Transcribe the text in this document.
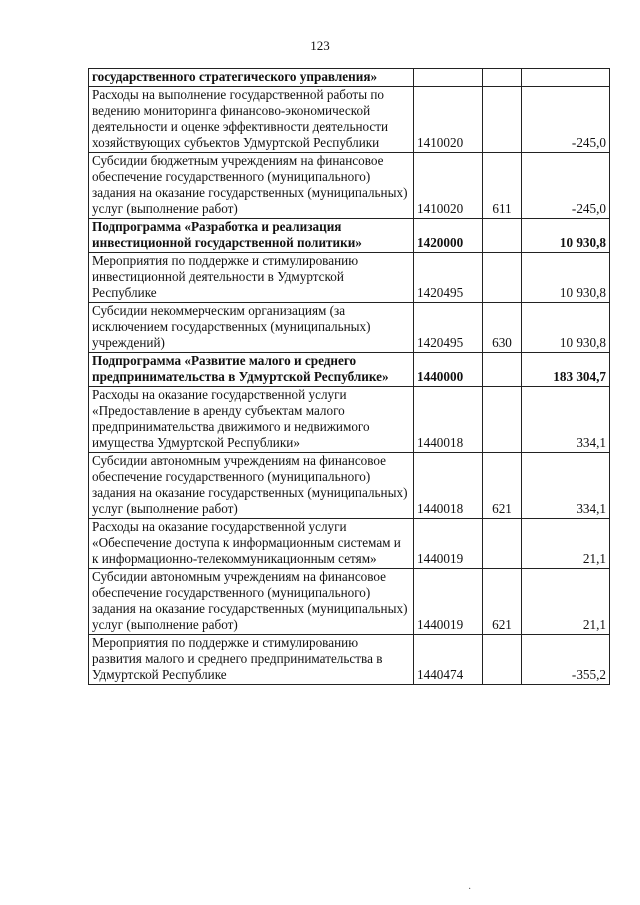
123
государственного стратегического управления»			
Расходы на выполнение государственной работы по ведению мониторинга финансово-экономической деятельности и оценке эффективности деятельности хозяйствующих субъектов Удмуртской Республики	1410020		-245,0
Субсидии бюджетным учреждениям на финансовое обеспечение государственного (муниципального) задания на оказание государственных (муниципальных) услуг (выполнение работ)	1410020	611	-245,0
Подпрограмма «Разработка и реализация инвестиционной государственной политики»	1420000		10 930,8
Мероприятия по поддержке и стимулированию инвестиционной деятельности в Удмуртской Республике	1420495		10 930,8
Субсидии некоммерческим организациям (за исключением государственных (муниципальных) учреждений)	1420495	630	10 930,8
Подпрограмма «Развитие малого и среднего предпринимательства в Удмуртской Республике»	1440000		183 304,7
Расходы на оказание государственной услуги «Предоставление в аренду субъектам малого предпринимательства движимого и недвижимого имущества Удмуртской Республики»	1440018		334,1
Субсидии автономным учреждениям на финансовое обеспечение государственного (муниципального) задания на оказание государственных (муниципальных) услуг (выполнение работ)	1440018	621	334,1
Расходы на оказание государственной услуги «Обеспечение доступа к информационным системам и к информационно-телекоммуникационным сетям»	1440019		21,1
Субсидии автономным учреждениям на финансовое обеспечение государственного (муниципального) задания на оказание государственных (муниципальных) услуг (выполнение работ)	1440019	621	21,1
Мероприятия по поддержке и стимулированию развития малого и среднего предпринимательства в Удмуртской Республике	1440474		-355,2
·
